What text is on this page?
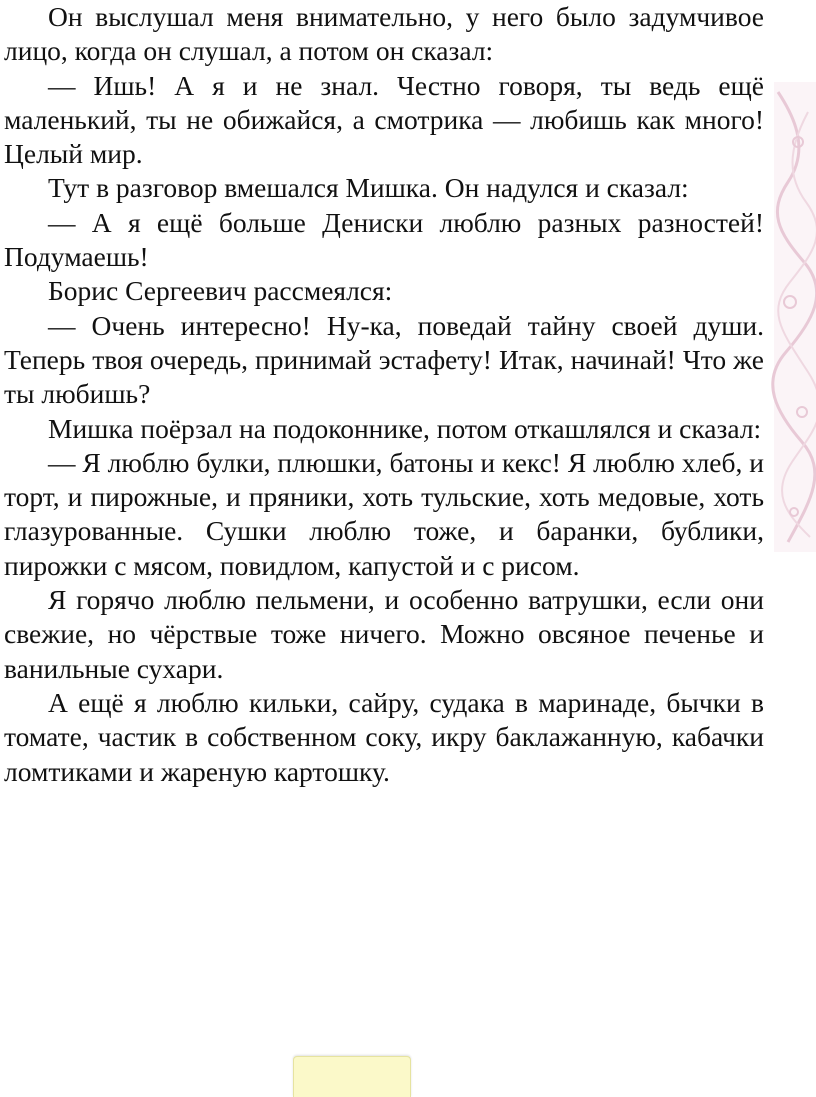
Он выслушал меня внимательно, у него было задумчивое лицо, когда он слушал, а потом он сказал:

— Ишь! А я и не знал. Честно говоря, ты ведь ещё маленький, ты не обижайся, а смотрика — любишь как много! Целый мир.

Тут в разговор вмешался Мишка. Он надулся и сказал:

— А я ещё больше Дениски люблю разных разностей! Подумаешь!

Борис Сергеевич рассмеялся:

— Очень интересно! Ну-ка, поведай тайну своей души. Теперь твоя очередь, принимай эстафету! Итак, начинай! Что же ты любишь?

Мишка поёрзал на подоконнике, потом откашлялся и сказал:

— Я люблю булки, плюшки, батоны и кекс! Я люблю хлеб, и торт, и пирожные, и пряники, хоть тульские, хоть медовые, хоть глазурованные. Сушки люблю тоже, и баранки, бублики, пирожки с мясом, повидлом, капустой и с рисом.

Я горячо люблю пельмени, и особенно ватрушки, если они свежие, но чёрствые тоже ничего. Можно овсяное печенье и ванильные сухари.

А ещё я люблю кильки, сайру, судака в маринаде, бычки в томате, частик в собственном соку, икру баклажанную, кабачки ломтиками и жареную картошку.
